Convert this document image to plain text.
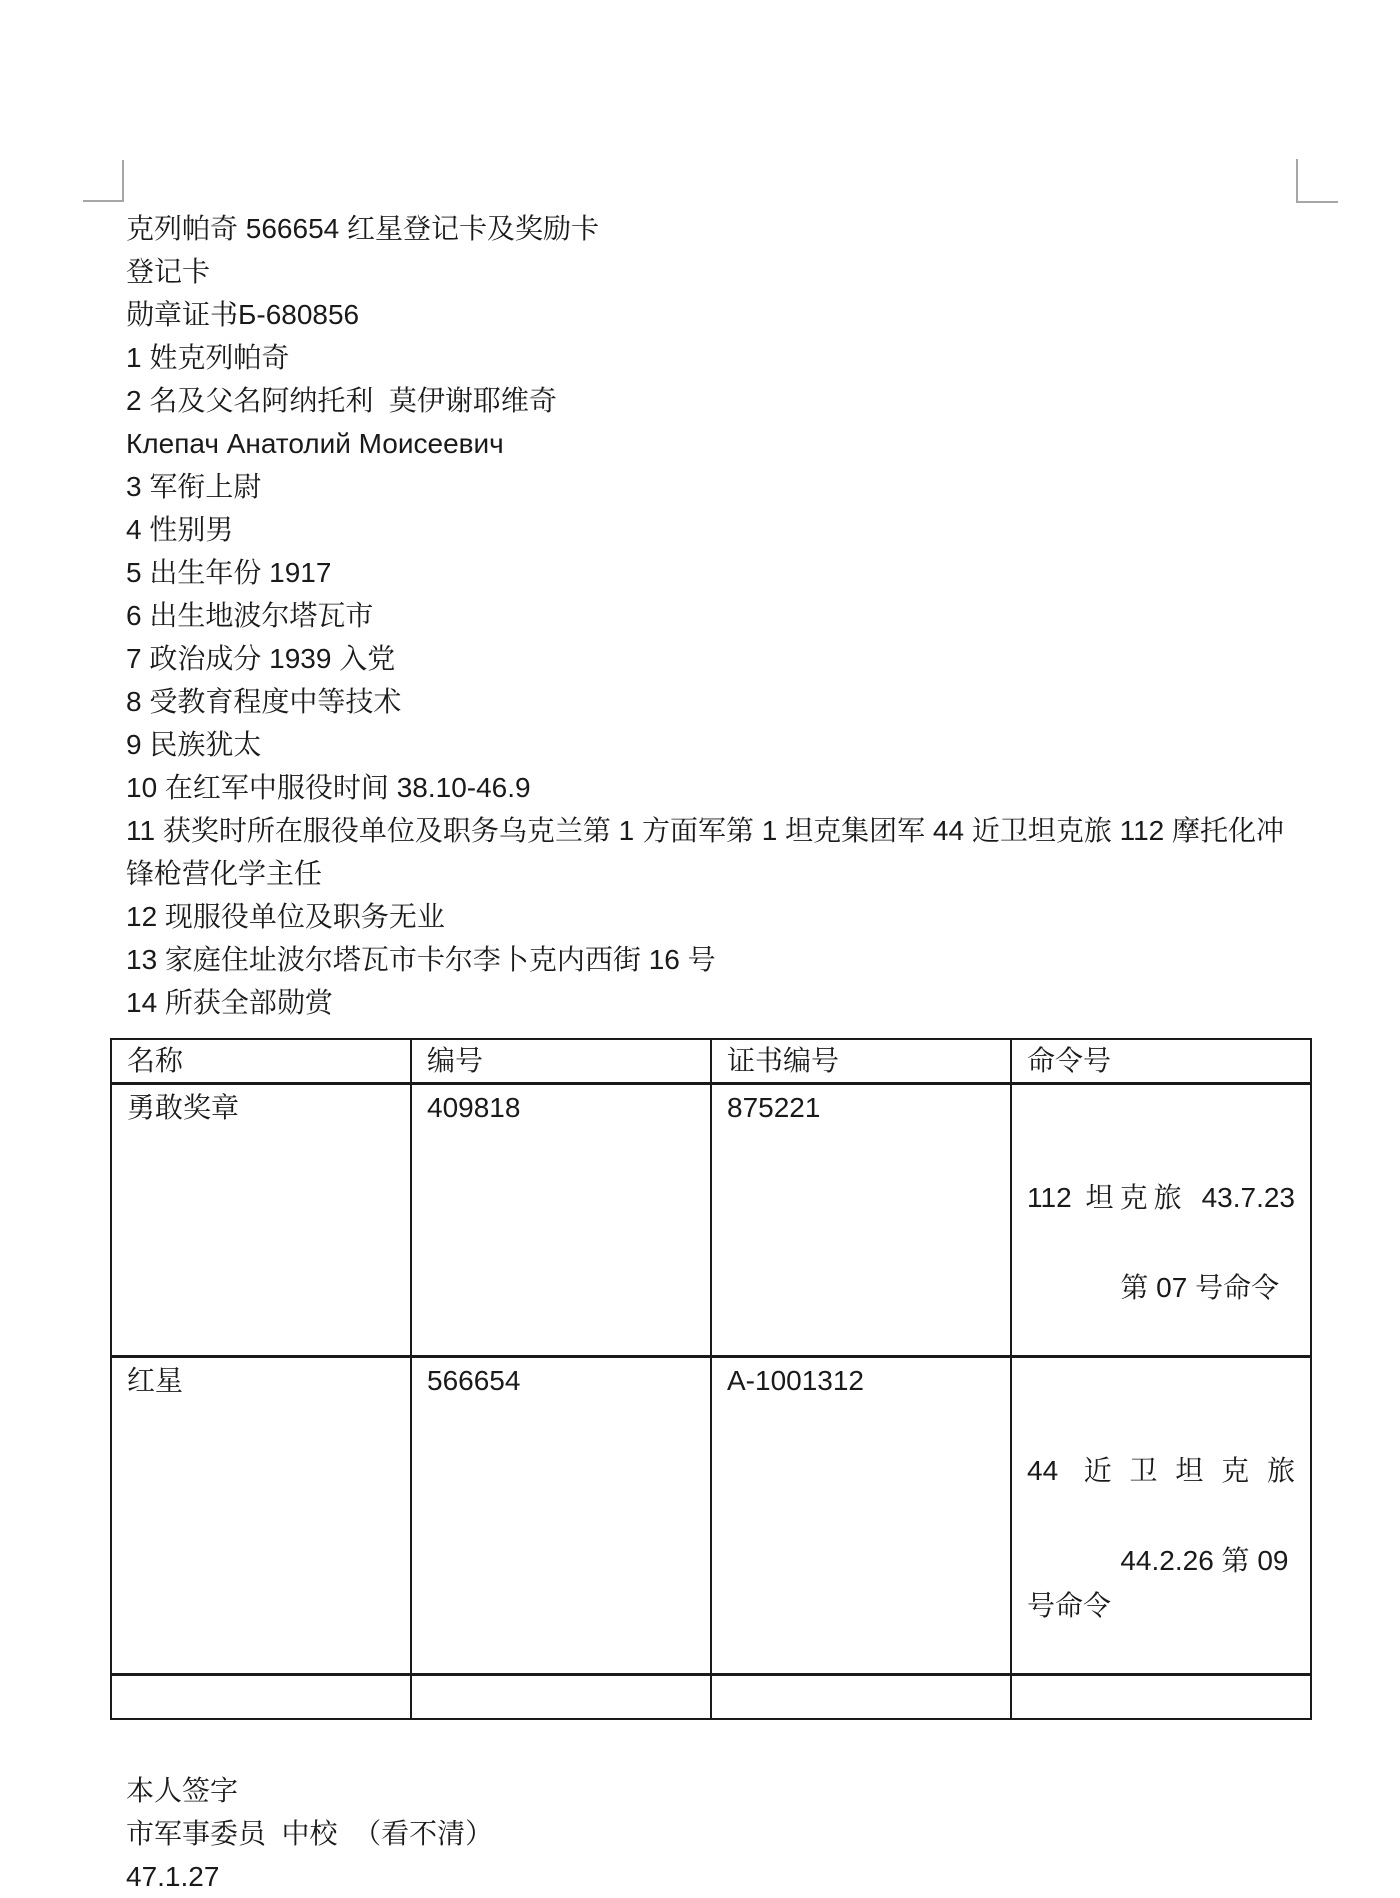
克列帕奇 566654 红星登记卡及奖励卡

登记卡

勋章证书Б-680856

1 姓克列帕奇

2 名及父名阿纳托利  莫伊谢耶维奇

Клепач Анатолий Моисеевич

3 军衔上尉

4 性别男

5 出生年份 1917

6 出生地波尔塔瓦市

7 政治成分 1939 入党

8 受教育程度中等技术

9 民族犹太

10 在红军中服役时间 38.10-46.9

11 获奖时所在服役单位及职务乌克兰第 1 方面军第 1 坦克集团军 44 近卫坦克旅 112 摩托化冲锋枪营化学主任

12 现服役单位及职务无业

13 家庭住址波尔塔瓦市卡尔李卜克内西街 16 号

14 所获全部勋赏

名称	编号	证书编号	命令号
勇敢奖章	409818	875221	112 坦克旅 43.7.23

第 07 号命令

红星	566654	A-1001312	44 近卫坦克旅

44.2.26 第 09 号命令

本人签字

市军事委员  中校  （看不清）

47.1.27
